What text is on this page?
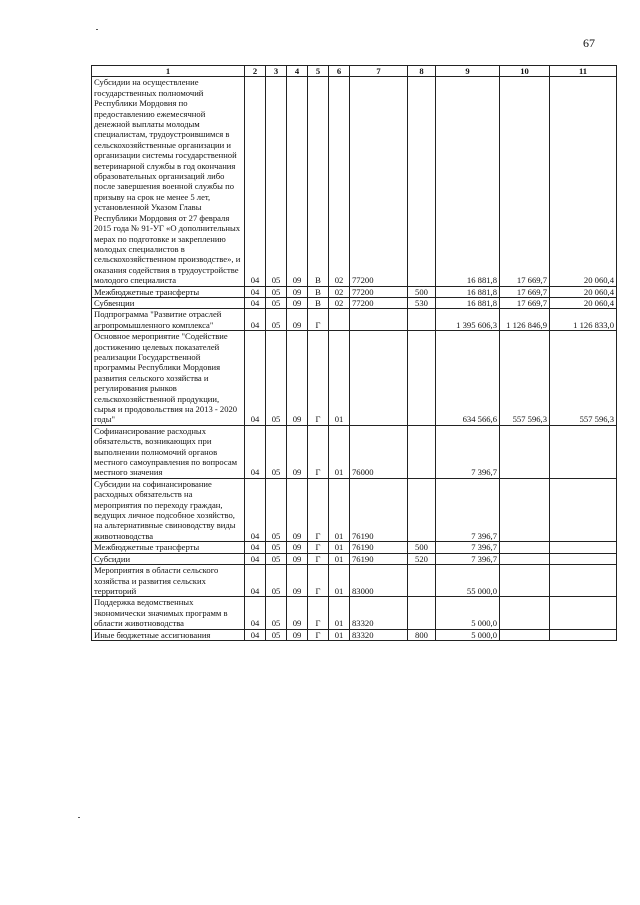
67
1	2	3	4	5	6	7	8	9	10	11
Субсидии на осуществление государственных полномочий Республики Мордовия по предоставлению ежемесячной денежной выплаты молодым специалистам, трудоустроившимся в сельскохозяйственные организации и организации системы государственной ветеринарной службы в год окончания образовательных организаций либо после завершения военной службы по призыву на срок не менее 5 лет, установленной Указом Главы Республики Мордовия от 27 февраля 2015 года № 91-УГ «О дополнительных мерах по подготовке и закреплению молодых специалистов в сельскохозяйственном производстве», и оказания содействия в трудоустройстве молодого специалиста	04	05	09	В	02	77200		16 881,8	17 669,7	20 060,4
Межбюджетные трансферты	04	05	09	В	02	77200	500	16 881,8	17 669,7	20 060,4
Субвенции	04	05	09	В	02	77200	530	16 881,8	17 669,7	20 060,4
Подпрограмма "Развитие отраслей агропромышленного комплекса"	04	05	09	Г				1 395 606,3	1 126 846,9	1 126 833,0
Основное мероприятие "Содействие достижению целевых показателей реализации Государственной программы Республики Мордовия развития сельского хозяйства и регулирования рынков сельскохозяйственной продукции, сырья и продовольствия на 2013 - 2020 годы"	04	05	09	Г	01			634 566,6	557 596,3	557 596,3
Софинансирование расходных обязательств, возникающих при выполнении полномочий органов местного самоуправления по вопросам местного значения	04	05	09	Г	01	76000		7 396,7		
Субсидии на софинансирование расходных обязательств на мероприятия по переходу граждан, ведущих личное подсобное хозяйство, на альтернативные свиноводству виды животноводства	04	05	09	Г	01	76190		7 396,7		
Межбюджетные трансферты	04	05	09	Г	01	76190	500	7 396,7		
Субсидии	04	05	09	Г	01	76190	520	7 396,7		
Мероприятия в области сельского хозяйства и развития сельских территорий	04	05	09	Г	01	83000		55 000,0		
Поддержка ведомственных экономически значимых программ в области животноводства	04	05	09	Г	01	83320		5 000,0		
Иные бюджетные ассигнования	04	05	09	Г	01	83320	800	5 000,0		
